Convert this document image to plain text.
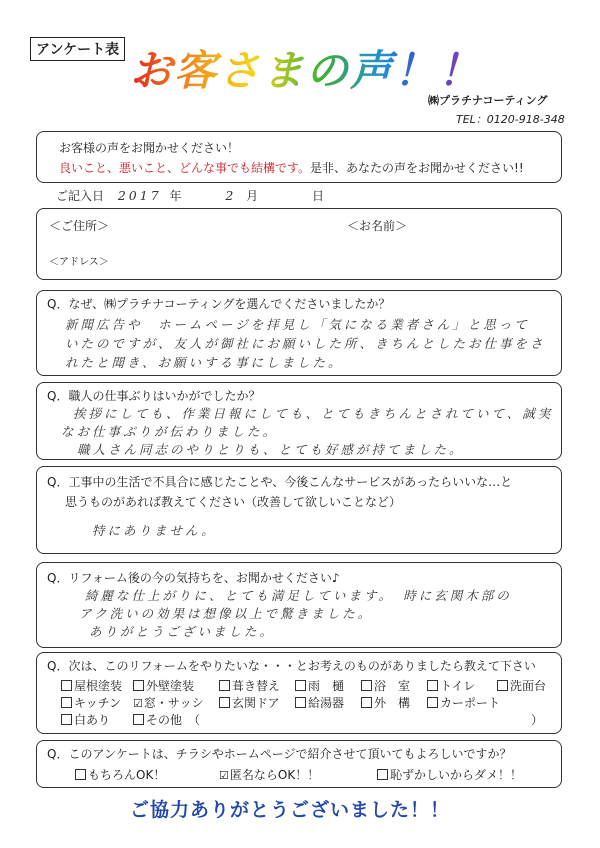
アンケート表 お客さまの声！！
㈱プラチナコーティング
TEL：0120-918-348
お客様の声をお聞かせください！
良いこと、悪いこと、どんな事でも結構です。是非、あなたの声をお聞かせください!!
ご記入日 2017 年	2 月	日
＜ご住所＞	＜お名前＞
＜アドレス＞
Q．なぜ、㈱プラチナコーティングを選んでくださいましたか？
新聞広告や　ホームページを拝見し「気になる業者さん」と思って
いたのですが、友人が御社にお願いした所、きちんとしたお仕事をさ
れたと聞き、お願いする事にしました。
Q．職人の仕事ぶりはいかがでしたか？
挨拶にしても、作業日報にしても、とてもきちんとされていて、誠実
なお仕事ぶりが伝わりました。
職人さん同志のやりとりも、とても好感が持てました。
Q．工事中の生活で不具合に感じたことや、今後こんなサービスがあったらいいな…と
思うものがあれば教えてください（改善して欲しいことなど）
特にありません。
Q．リフォーム後の今の気持ちを、お聞かせください♪
綺麗な仕上がりに、とても満足しています。　時に玄関木部の
アク洗いの効果は想像以上で驚きました。
ありがとうございました。
Q．次は、このリフォームをやりたいな・・・とお考えのものがありましたら教えて下さい
屋根塗装	外壁塗装	葺き替え	雨　樋	浴　室	トイレ	洗面台
キッチン ☑窓・サッシ	玄関ドア	給湯器	外　構	カーポート
白あり	その他　（	）
Q．このアンケートは、チラシやホームページで紹介させて頂いてもよろしいですか？
もちろんOK！	☑匿名ならOK！！	恥ずかしいからダメ！！
ご協力ありがとうございました！！
